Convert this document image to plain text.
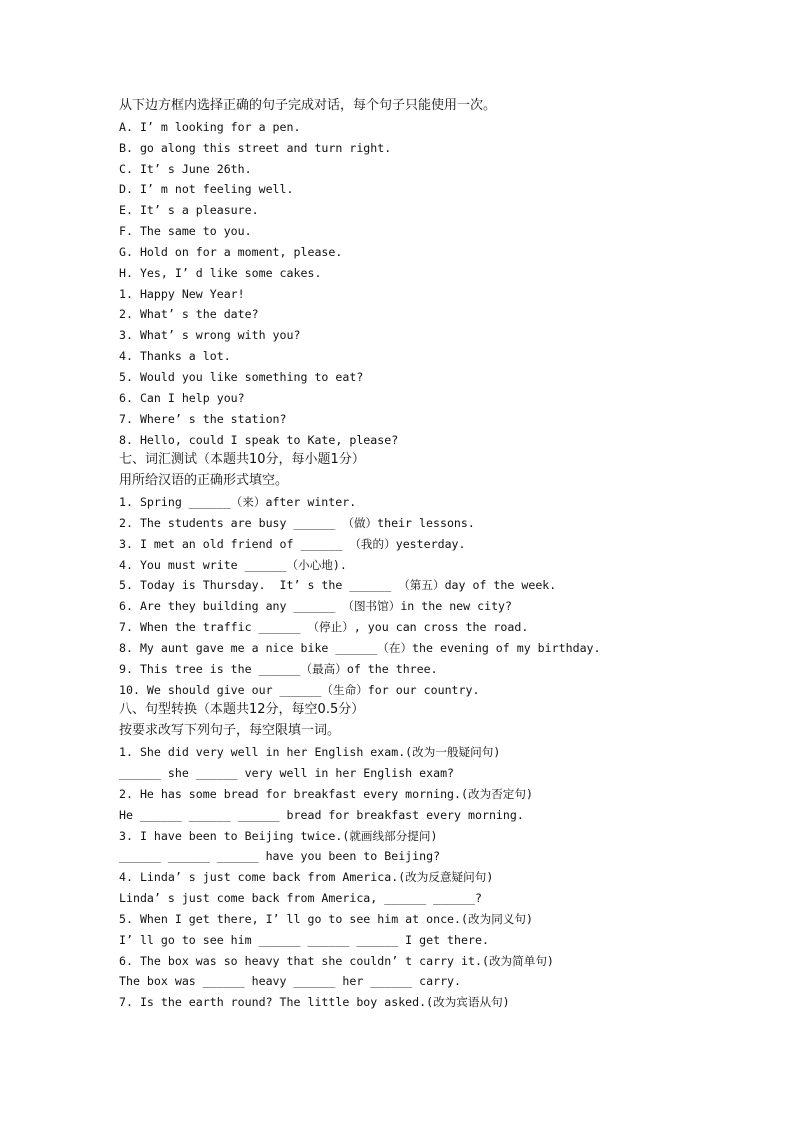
从下边方框内选择正确的句子完成对话，每个句子只能使用一次。
A. I’ m looking for a pen.
B. go along this street and turn right.
C. It’ s June 26th.
D. I’ m not feeling well.
E. It’ s a pleasure.
F. The same to you.
G. Hold on for a moment, please.
H. Yes, I’ d like some cakes.
1. Happy New Year!
2. What’ s the date?
3. What’ s wrong with you?
4. Thanks a lot.
5. Would you like something to eat?
6. Can I help you?
7. Where’ s the station?
8. Hello, could I speak to Kate, please?
七、词汇测试（本题共10分，每小题1分）
用所给汉语的正确形式填空。
1. Spring ______（来）after winter.
2. The students are busy ______ （做）their lessons.
3. I met an old friend of ______ （我的）yesterday.
4. You must write ______（小心地).
5. Today is Thursday.  It’ s the ______ （第五）day of the week.
6. Are they building any ______ （图书馆）in the new city?
7. When the traffic ______ （停止）, you can cross the road.
8. My aunt gave me a nice bike ______（在）the evening of my birthday.
9. This tree is the ______（最高）of the three.
10. We should give our ______（生命）for our country.
八、句型转换（本题共12分，每空0.5分）
按要求改写下列句子，每空限填一词。
1. She did very well in her English exam.(改为一般疑问句)
______ she ______ very well in her English exam?
2. He has some bread for breakfast every morning.(改为否定句)
He ______ ______ ______ bread for breakfast every morning.
3. I have been to Beijing twice.(就画线部分提问)
______ ______ ______ have you been to Beijing?
4. Linda’ s just come back from America.(改为反意疑问句)
Linda’ s just come back from America, ______ ______?
5. When I get there, I’ ll go to see him at once.(改为同义句)
I’ ll go to see him ______ ______ ______ I get there.
6. The box was so heavy that she couldn’ t carry it.(改为简单句)
The box was ______ heavy ______ her ______ carry.
7. Is the earth round? The little boy asked.(改为宾语从句)
